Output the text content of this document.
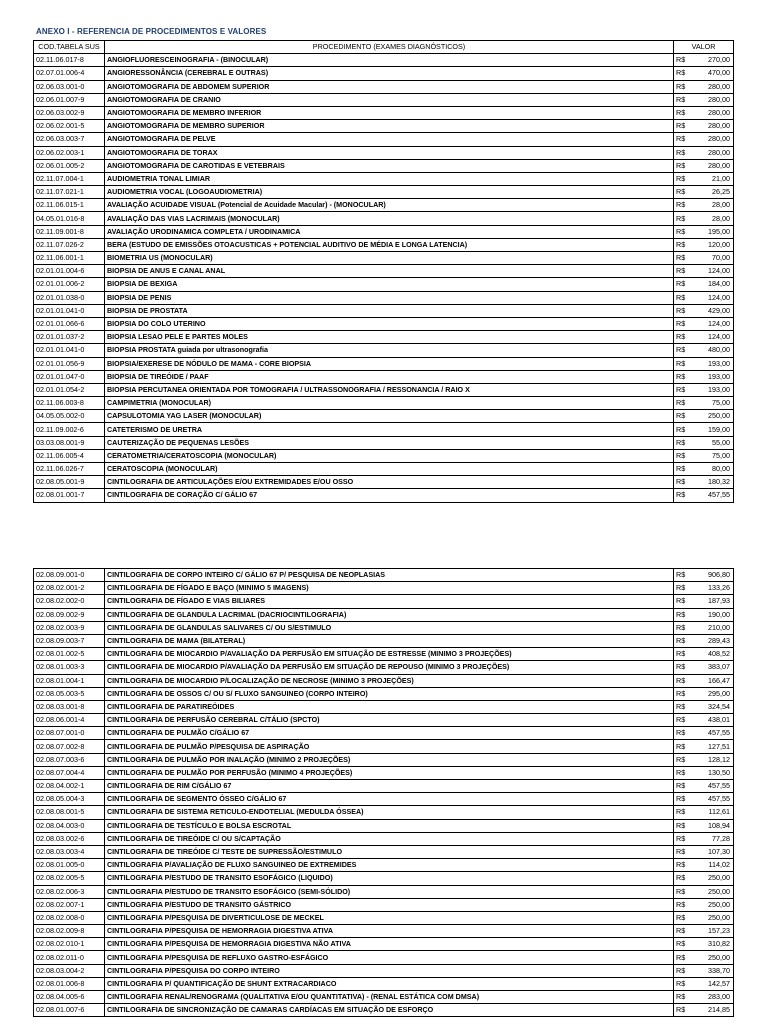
ANEXO I - REFERENCIA DE PROCEDIMENTOS E VALORES
COD.TABELA SUS	PROCEDIMENTO (EXAMES DIAGNÓSTICOS)	VALOR	
02.11.06.017-8	ANGIOFLUORESCEINOGRAFIA - (BINOCULAR)	R$	270,00
02.07.01.006-4	ANGIORESSONÂNCIA (CEREBRAL E OUTRAS)	R$	470,00
02.06.03.001-0	ANGIOTOMOGRAFIA DE ABDOMEM SUPERIOR	R$	280,00
02.06.01.007-9	ANGIOTOMOGRAFIA DE CRANIO	R$	280,00
02.06.03.002-9	ANGIOTOMOGRAFIA DE MEMBRO INFERIOR	R$	280,00
02.06.02.001-5	ANGIOTOMOGRAFIA DE MEMBRO SUPERIOR	R$	280,00
02.06.03.003-7	ANGIOTOMOGRAFIA DE PELVE	R$	280,00
02.06.02.003-1	ANGIOTOMOGRAFIA DE TORAX	R$	280,00
02.06.01.005-2	ANGIOTOMOGRAFIA DE CAROTIDAS E VETEBRAIS	R$	280,00
02.11.07.004-1	AUDIOMETRIA TONAL LIMIAR	R$	21,00
02.11.07.021-1	AUDIOMETRIA VOCAL (LOGOAUDIOMETRIA)	R$	26,25
02.11.06.015-1	AVALIAÇÃO ACUIDADE VISUAL (Potencial de Acuidade Macular) - (MONOCULAR)	R$	28,00
04.05.01.016-8	AVALIAÇÃO DAS VIAS LACRIMAIS (MONOCULAR)	R$	28,00
02.11.09.001-8	AVALIAÇÃO URODINAMICA COMPLETA / URODINAMICA	R$	195,00
02.11.07.026-2	BERA (ESTUDO DE EMISSÕES OTOACUSTICAS + POTENCIAL AUDITIVO DE MÉDIA E LONGA LATENCIA)	R$	120,00
02.11.06.001-1	BIOMETRIA US (MONOCULAR)	R$	70,00
02.01.01.004-6	BIOPSIA DE ANUS E CANAL ANAL	R$	124,00
02.01.01.006-2	BIOPSIA DE BEXIGA	R$	184,00
02.01.01.038-0	BIOPSIA DE PENIS	R$	124,00
02.01.01.041-0	BIOPSIA DE PROSTATA	R$	429,00
02.01.01.066-6	BIOPSIA DO COLO UTERINO	R$	124,00
02.01.01.037-2	BIOPSIA LESAO PELE E PARTES MOLES	R$	124,00
02.01.01.041-0	BIOPSIA PROSTATA guiada por ultrasonografia	R$	480,00
02.01.01.056-9	BIOPSIA/EXERESE DE NÓDULO DE MAMA - CORE BIOPSIA	R$	193,00
02.01.01.047-0	BIOPSIA DE TIREÓIDE / PAAF	R$	193,00
02.01.01.054-2	BIOPSIA PERCUTANEA ORIENTADA POR TOMOGRAFIA / ULTRASSONOGRAFIA / RESSONANCIA / RAIO X	R$	193,00
02.11.06.003-8	CAMPIMETRIA (MONOCULAR)	R$	75,00
04.05.05.002-0	CAPSULOTOMIA YAG LASER (MONOCULAR)	R$	250,00
02.11.09.002-6	CATETERISMO DE URETRA	R$	159,00
03.03.08.001-9	CAUTERIZAÇÃO DE PEQUENAS LESÕES	R$	55,00
02.11.06.005-4	CERATOMETRIA/CERATOSCOPIA (MONOCULAR)	R$	75,00
02.11.06.026-7	CERATOSCOPIA (MONOCULAR)	R$	80,00
02.08.05.001-9	CINTILOGRAFIA DE ARTICULAÇÕES E/OU EXTREMIDADES E/OU OSSO	R$	180,32
02.08.01.001-7	CINTILOGRAFIA DE CORAÇÃO C/ GÁLIO 67	R$	457,55
02.08.09.001-0	CINTILOGRAFIA DE CORPO INTEIRO C/ GÁLIO 67 P/ PESQUISA DE NEOPLASIAS	R$	906,80
02.08.02.001-2	CINTILOGRAFIA DE FÍGADO E BAÇO (MINIMO 5 IMAGENS)	R$	133,26
02.08.02.002-0	CINTILOGRAFIA DE FÍGADO E VIAS BILIARES	R$	187,93
02.08.09.002-9	CINTILOGRAFIA DE GLANDULA LACRIMAL (DACRIOCINTILOGRAFIA)	R$	190,00
02.08.02.003-9	CINTILOGRAFIA DE GLANDULAS SALIVARES C/ OU S/ESTIMULO	R$	210,00
02.08.09.003-7	CINTILOGRAFIA DE MAMA (BILATERAL)	R$	289,43
02.08.01.002-5	CINTILOGRAFIA DE MIOCARDIO P/AVALIAÇÃO DA PERFUSÃO EM SITUAÇÃO DE ESTRESSE (MINIMO 3 PROJEÇÕES)	R$	408,52
02.08.01.003-3	CINTILOGRAFIA DE MIOCARDIO P/AVALIAÇÃO DA PERFUSÃO EM SITUAÇÃO DE REPOUSO (MINIMO 3 PROJEÇÕES)	R$	383,07
02.08.01.004-1	CINTILOGRAFIA DE MIOCARDIO P/LOCALIZAÇÃO DE NECROSE (MINIMO 3 PROJEÇÕES)	R$	166,47
02.08.05.003-5	CINTILOGRAFIA DE OSSOS C/ OU S/ FLUXO SANGUINEO (CORPO INTEIRO)	R$	295,00
02.08.03.001-8	CINTILOGRAFIA DE PARATIREÓIDES	R$	324,54
02.08.06.001-4	CINTILOGRAFIA DE PERFUSÃO CEREBRAL C/TÁLIO (SPCTO)	R$	438,01
02.08.07.001-0	CINTILOGRAFIA DE PULMÃO C/GÁLIO 67	R$	457,55
02.08.07.002-8	CINTILOGRAFIA DE PULMÃO P/PESQUISA DE ASPIRAÇÃO	R$	127,51
02.08.07.003-6	CINTILOGRAFIA DE PULMÃO POR INALAÇÃO (MINIMO 2 PROJEÇÕES)	R$	128,12
02.08.07.004-4	CINTILOGRAFIA DE PULMÃO POR PERFUSÃO (MINIMO 4 PROJEÇÕES)	R$	130,50
02.08.04.002-1	CINTILOGRAFIA DE RIM C/GÁLIO 67	R$	457,55
02.08.05.004-3	CINTILOGRAFIA DE SEGMENTO ÓSSEO C/GÁLIO 67	R$	457,55
02.08.08.001-5	CINTILOGRAFIA DE SISTEMA RETICULO-ENDOTELIAL (MEDULDA ÓSSEA)	R$	112,61
02.08.04.003-0	CINTILOGRAFIA DE TESTÍCULO E BOLSA ESCROTAL	R$	108,94
02.08.03.002-6	CINTILOGRAFIA DE TIREÓIDE C/ OU S/CAPTAÇÃO	R$	77,28
02.08.03.003-4	CINTILOGRAFIA DE TIREÓIDE C/ TESTE DE SUPRESSÃO/ESTIMULO	R$	107,30
02.08.01.005-0	CINTILOGRAFIA P/AVALIAÇÃO DE FLUXO SANGUINEO DE EXTREMIDES	R$	114,02
02.08.02.005-5	CINTILOGRAFIA P/ESTUDO DE TRANSITO ESOFÁGICO (LIQUIDO)	R$	250,00
02.08.02.006-3	CINTILOGRAFIA P/ESTUDO DE TRANSITO ESOFÁGICO (SEMI-SÓLIDO)	R$	250,00
02.08.02.007-1	CINTILOGRAFIA P/ESTUDO DE TRANSITO GÁSTRICO	R$	250,00
02.08.02.008-0	CINTILOGRAFIA P/PESQUISA DE DIVERTICULOSE DE MECKEL	R$	250,00
02.08.02.009-8	CINTILOGRAFIA P/PESQUISA DE HEMORRAGIA DIGESTIVA ATIVA	R$	157,23
02.08.02.010-1	CINTILOGRAFIA P/PESQUISA DE HEMORRAGIA DIGESTIVA NÃO ATIVA	R$	310,82
02.08.02.011-0	CINTILOGRAFIA P/PESQUISA DE REFLUXO GASTRO-ESFÁGICO	R$	250,00
02.08.03.004-2	CINTILOGRAFIA P/PESQUISA DO CORPO INTEIRO	R$	338,70
02.08.01.006-8	CINTILOGRAFIA P/ QUANTIFICAÇÃO DE SHUNT EXTRACARDIACO	R$	142,57
02.08.04.005-6	CINTILOGRAFIA RENAL/RENOGRAMA (QUALITATIVA E/OU QUANTITATIVA) - (RENAL ESTÁTICA COM DMSA)	R$	283,00
02.08.01.007-6	CINTILOGRAFIA DE SINCRONIZAÇÃO DE CAMARAS CARDÍACAS EM SITUAÇÃO DE ESFORÇO	R$	214,85
